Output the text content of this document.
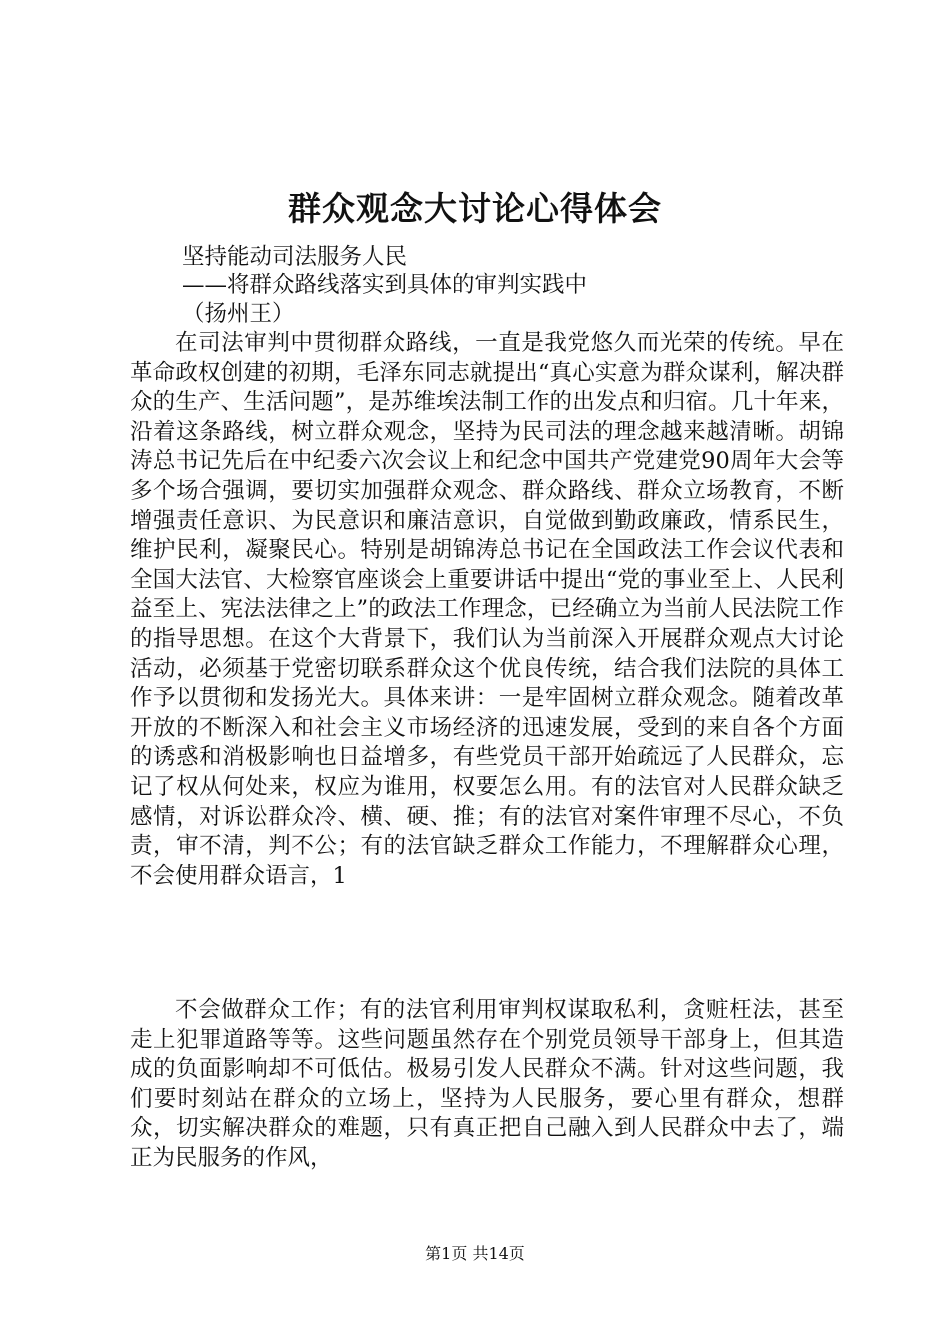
群众观念大讨论心得体会

坚持能动司法服务人民

——将群众路线落实到具体的审判实践中

（扬州王）

在司法审判中贯彻群众路线，一直是我党悠久而光荣的传统。早在革命政权创建的初期，毛泽东同志就提出“真心实意为群众谋利，解决群众的生产、生活问题”，是苏维埃法制工作的出发点和归宿。几十年来，沿着这条路线，树立群众观念，坚持为民司法的理念越来越清晰。胡锦涛总书记先后在中纪委六次会议上和纪念中国共产党建党90周年大会等多个场合强调，要切实加强群众观念、群众路线、群众立场教育，不断增强责任意识、为民意识和廉洁意识，自觉做到勤政廉政，情系民生，维护民利，凝聚民心。特别是胡锦涛总书记在全国政法工作会议代表和全国大法官、大检察官座谈会上重要讲话中提出“党的事业至上、人民利益至上、宪法法律之上”的政法工作理念，已经确立为当前人民法院工作的指导思想。在这个大背景下，我们认为当前深入开展群众观点大讨论活动，必须基于党密切联系群众这个优良传统，结合我们法院的具体工作予以贯彻和发扬光大。具体来讲：一是牢固树立群众观念。随着改革开放的不断深入和社会主义市场经济的迅速发展，受到的来自各个方面的诱惑和消极影响也日益增多，有些党员干部开始疏远了人民群众，忘记了权从何处来，权应为谁用，权要怎么用。有的法官对人民群众缺乏感情，对诉讼群众冷、横、硬、推；有的法官对案件审理不尽心，不负责，审不清，判不公；有的法官缺乏群众工作能力，不理解群众心理，不会使用群众语言，1

不会做群众工作；有的法官利用审判权谋取私利，贪赃枉法，甚至走上犯罪道路等等。这些问题虽然存在个别党员领导干部身上，但其造成的负面影响却不可低估。极易引发人民群众不满。针对这些问题，我们要时刻站在群众的立场上，坚持为人民服务，要心里有群众，想群众，切实解决群众的难题，只有真正把自己融入到人民群众中去了，端正为民服务的作风，

第1页 共14页
